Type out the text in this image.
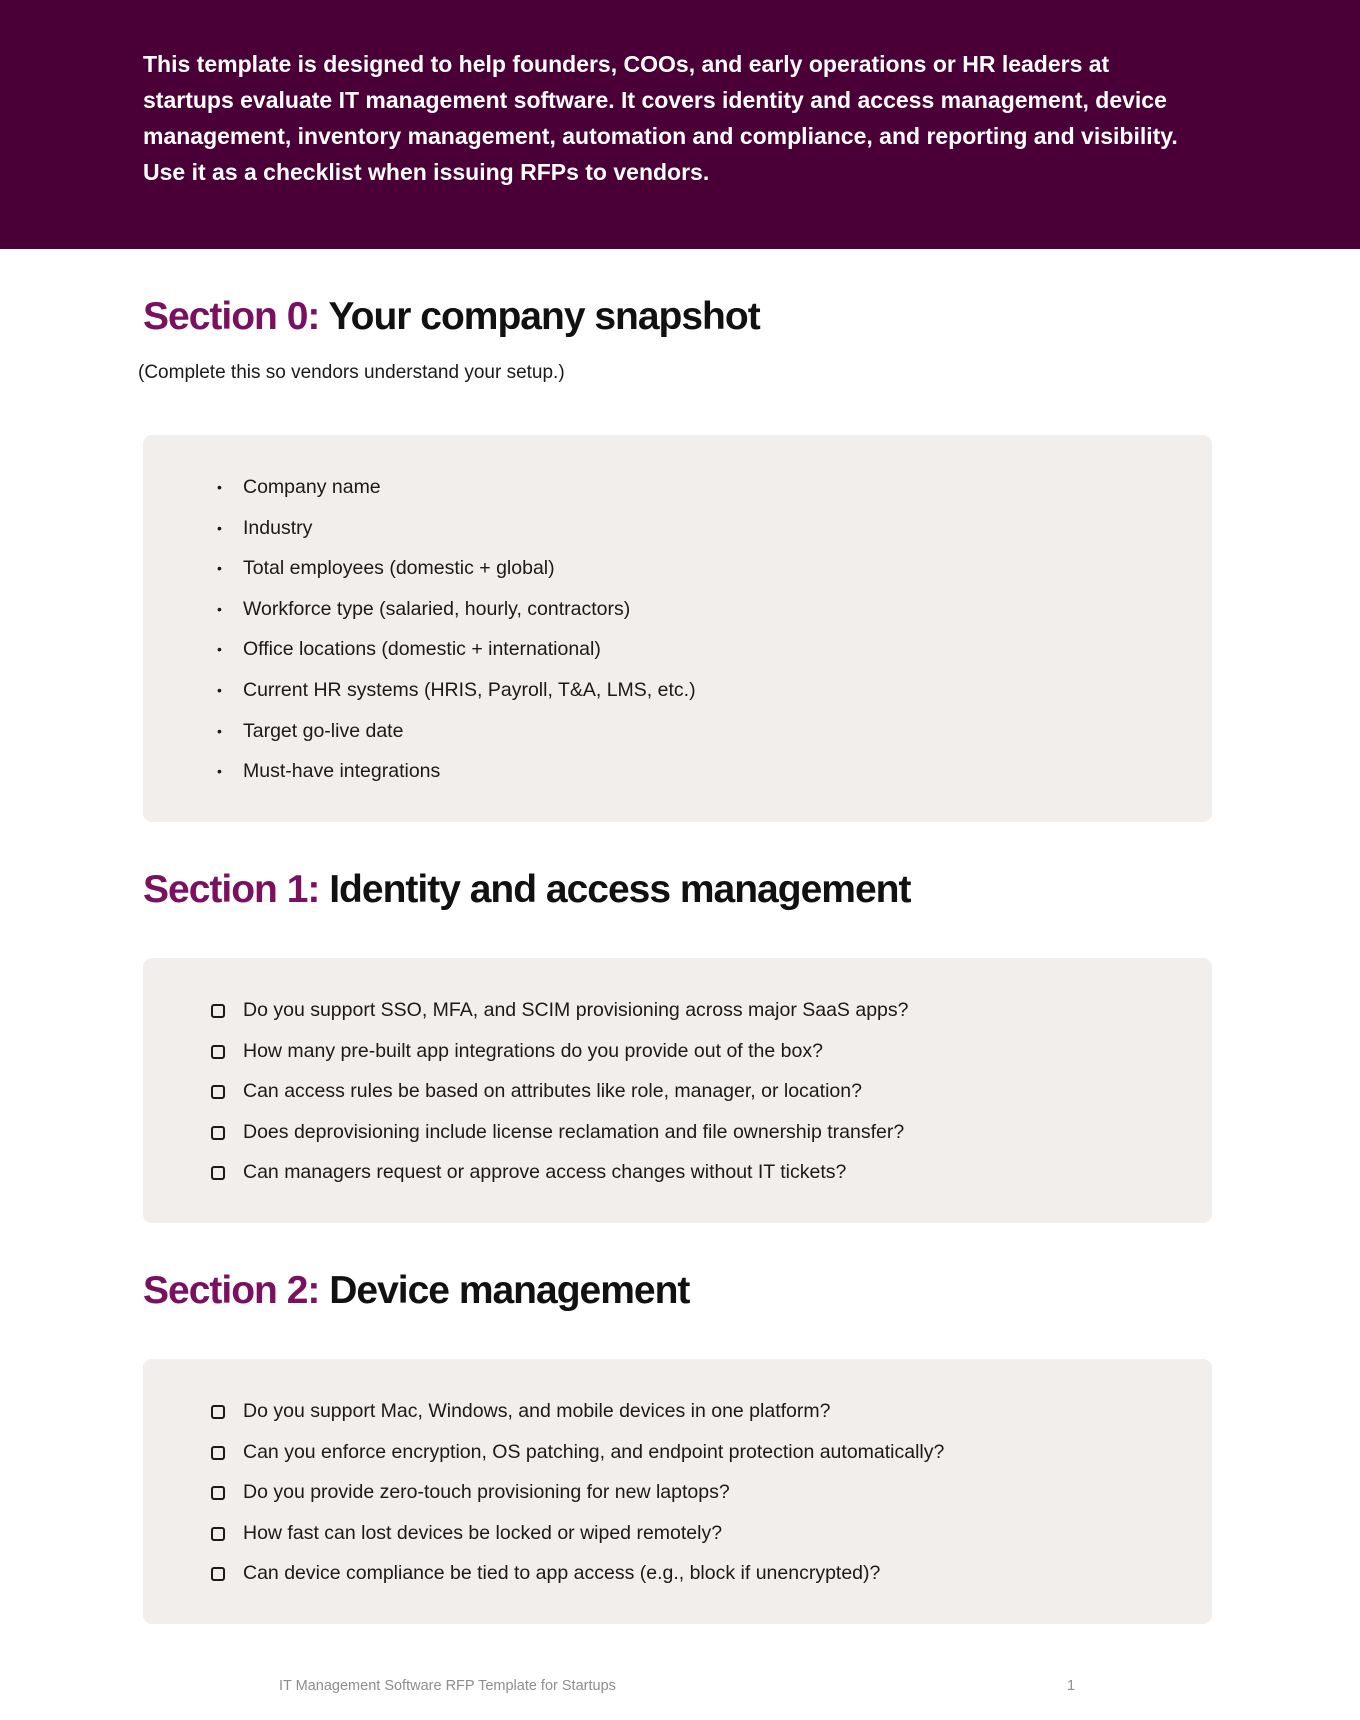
This template is designed to help founders, COOs, and early operations or HR leaders at startups evaluate IT management software. It covers identity and access management, device management, inventory management, automation and compliance, and reporting and visibility. Use it as a checklist when issuing RFPs to vendors.

Section 0: Your company snapshot

(Complete this so vendors understand your setup.)

• Company name
• Industry
• Total employees (domestic + global)
• Workforce type (salaried, hourly, contractors)
• Office locations (domestic + international)
• Current HR systems (HRIS, Payroll, T&A, LMS, etc.)
• Target go-live date
• Must-have integrations
Section 1: Identity and access management
Do you support SSO, MFA, and SCIM provisioning across major SaaS apps?
How many pre-built app integrations do you provide out of the box?
Can access rules be based on attributes like role, manager, or location?
Does deprovisioning include license reclamation and file ownership transfer?
Can managers request or approve access changes without IT tickets?
Section 2: Device management
Do you support Mac, Windows, and mobile devices in one platform?
Can you enforce encryption, OS patching, and endpoint protection automatically?
Do you provide zero-touch provisioning for new laptops?
How fast can lost devices be locked or wiped remotely?
Can device compliance be tied to app access (e.g., block if unencrypted)?
IT Management Software RFP Template for Startups	1
